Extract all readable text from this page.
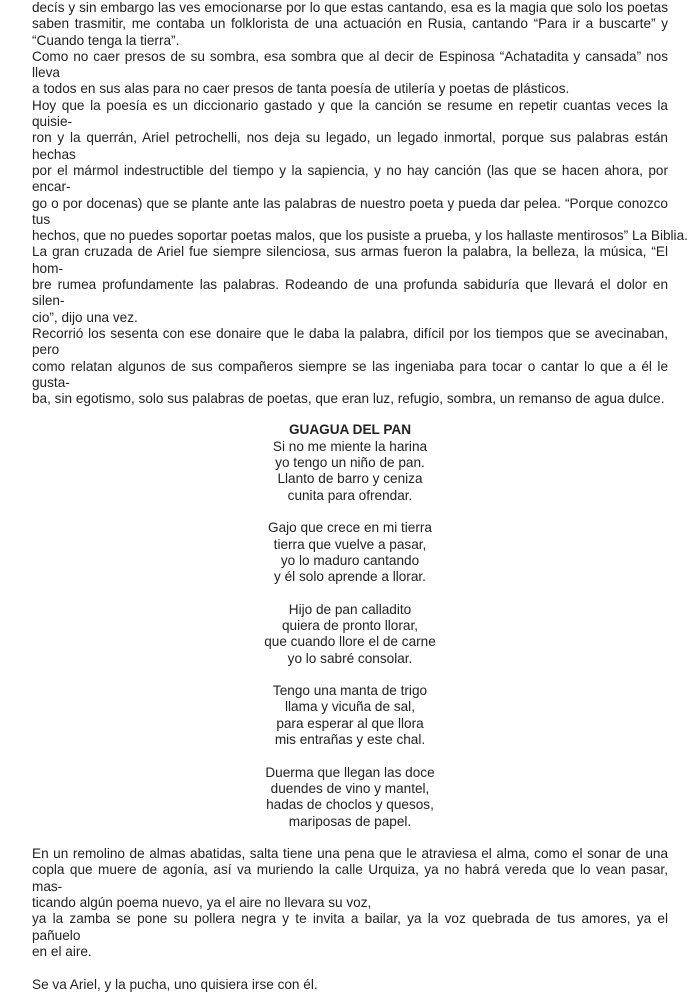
decís y sin embargo las ves emocionarse por lo que estas cantando, esa es la magia que solo los poetas
saben trasmitir, me contaba un folklorista de una actuación en Rusia, cantando “Para ir a buscarte” y
“Cuando tenga la tierra”.

Como no caer presos de su sombra, esa sombra que al decir de Espinosa “Achatadita y cansada” nos lleva
a todos en sus alas para no caer presos de tanta poesía de utilería y poetas de plásticos.

Hoy que la poesía es un diccionario gastado y que la canción se resume en repetir cuantas veces la quisie-
ron y la querrán, Ariel petrochelli, nos deja su legado, un legado inmortal, porque sus palabras están hechas
por el mármol indestructible del tiempo y la sapiencia, y no hay canción (las que se hacen ahora, por encar-
go o por docenas) que se plante ante las palabras de nuestro poeta y pueda dar pelea. “Porque conozco tus
hechos, que no puedes soportar poetas malos, que los pusiste a prueba, y los hallaste mentirosos” La Biblia.

La gran cruzada de Ariel fue siempre silenciosa, sus armas fueron la palabra, la belleza, la música, “El hom-
bre rumea profundamente las palabras. Rodeando de una profunda sabiduría que llevará el dolor en silen-
cio”, dijo una vez.

Recorrió los sesenta con ese donaire que le daba la palabra, difícil por los tiempos que se avecinaban, pero
como relatan algunos de sus compañeros siempre se las ingeniaba para tocar o cantar lo que a él le gusta-
ba, sin egotismo, solo sus palabras de poetas, que eran luz, refugio, sombra, un remanso de agua dulce.

GUAGUA DEL PAN
Si no me miente la harina
yo tengo un niño de pan.
Llanto de barro y ceniza
cunita para ofrendar.
Gajo que crece en mi tierra
tierra que vuelve a pasar,
yo lo maduro cantando
y él solo aprende a llorar.
Hijo de pan calladito
quiera de pronto llorar,
que cuando llore el de carne
yo lo sabré consolar.
Tengo una manta de trigo
llama y vicuña de sal,
para esperar al que llora
mis entrañas y este chal.
Duerma que llegan las doce
duendes de vino y mantel,
hadas de choclos y quesos,
mariposas de papel.

En un remolino de almas abatidas, salta tiene una pena que le atraviesa el alma, como el sonar de una
copla que muere de agonía, así va muriendo la calle Urquiza, ya no habrá vereda que lo vean pasar, mas-
ticando algún poema nuevo, ya el aire no llevara su voz,

ya la zamba se pone su pollera negra y te invita a bailar, ya la voz quebrada de tus amores, ya el pañuelo
en el aire.

Se va Ariel, y la pucha, uno quisiera irse con él.
